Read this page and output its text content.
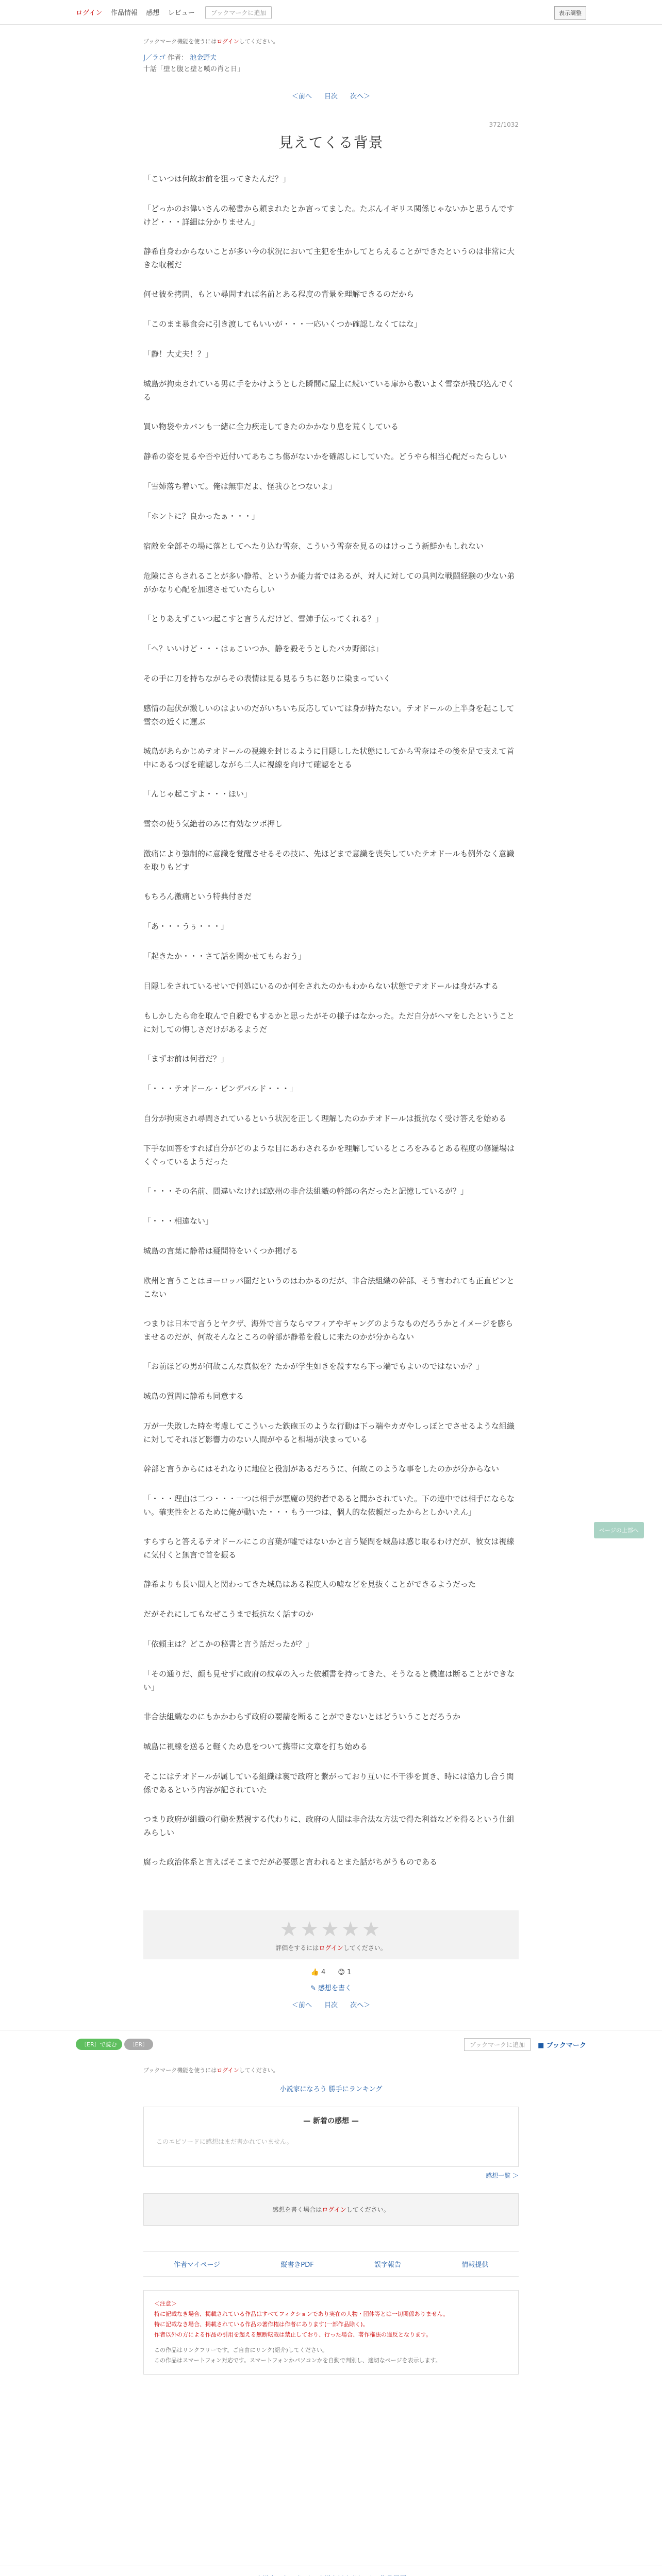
ログイン 作品情報 感想 レビュー	ブックマークに追加	表示調整
ブックマーク機能を使うにはログインしてください。
J／ラゴ 作者： 池金野夫
十話「壁と腹と壁と嘆の肖と日」
＜前へ 目次 次へ＞
372/1032
見えてくる背景

「こいつは何故お前を狙ってきたんだ？」

「どっかのお偉いさんの秘書から頼まれたとか言ってました。たぶんイギリス関係じゃないかと思うんですけど・・・詳細は分かりません」

静希自身わからないことが多い今の状況において主犯を生かしてとらえることができたというのは非常に大きな収穫だ

何せ彼を拷問、もとい尋問すれば名前とある程度の背景を理解できるのだから

「このまま暴食会に引き渡してもいいが・・・一応いくつか確認しなくてはな」

「静！大丈夫！？」

城島が拘束されている男に手をかけようとした瞬間に屋上に続いている扉から数いよく雪奈が飛び込んでくる

買い物袋やカバンも一緒に全力疾走してきたのかかなり息を荒くしている

静希の姿を見るや否や近付いてあちこち傷がないかを確認しにしていた。どうやら相当心配だったらしい

「雪姉落ち着いて。俺は無事だよ、怪我ひとつないよ」

「ホントに？良かったぁ・・・」

宿敵を全部その場に落としてへたり込む雪奈、こういう雪奈を見るのはけっこう新鮮かもしれない

危険にさらされることが多い静希、というか能力者ではあるが、対人に対しての具判な戦闘経験の少ない弟がかなり心配を加速させていたらしい

「とりあえずこいつ起こすと言うんだけど、雪姉手伝ってくれる？」

「ヘ？いいけど・・・はぁこいつか、静を殺そうとしたバカ野郎は」

その手に刀を持ちながらその表情は見る見るうちに怒りに染まっていく

感情の起伏が激しいのはよいのだがいちいち反応していては身が持たない。テオドールの上半身を起こして雪奈の近くに運ぶ

城島があらかじめテオドールの視線を封じるように目隠しした状態にしてから雪奈はその後を足で支えて首中にあるつぼを確認しながら二人に視線を向けて確認をとる

「んじゃ起こすよ・・・ほい」

雪奈の使う気絶者のみに有効なツボ押し

激痛により強制的に意識を覚醒させるその技に、先ほどまで意識を喪失していたテオドールも例外なく意識を取りもどす

もちろん激痛という特典付きだ

「あ・・・うぅ・・・」

「起きたか・・・さて話を聞かせてもらおう」

目隠しをされているせいで何処にいるのか何をされたのかもわからない状態でテオドールは身がみする

もしかしたら命を取んで自殺でもするかと思ったがその様子はなかった。ただ自分がヘマをしたということに対しての悔しさだけがあるようだ

「まずお前は何者だ？」

「・・・テオドール・ビンデバルド・・・」

自分が拘束され尋問されているという状況を正しく理解したのかテオドールは抵抗なく受け答えを始める

下手な回答をすれば自分がどのような目にあわされるかを理解しているところをみるとある程度の修羅場はくぐっているようだった

「・・・その名前、間違いなければ欧州の非合法組織の幹部の名だったと記憶しているが？」

「・・・相違ない」

城島の言葉に静希は疑問符をいくつか掲げる

欧州と言うことはヨーロッパ圏だというのはわかるのだが、非合法組織の幹部、そう言われても正直ピンとこない

つまりは日本で言うとヤクザ、海外で言うならマフィアやギャングのようなものだろうかとイメージを膨らませるのだが、何故そんなところの幹部が静希を殺しに来たのかが分からない

「お前ほどの男が何故こんな真似を？たかが学生如きを殺すなら下っ端でもよいのではないか？」

城島の質問に静希も同意する

万が一失敗した時を考慮してこういった鉄砲玉のような行動は下っ端やカガやしっぽとでさせるような組織に対してそれほど影響力のない人間がやると相場が決まっている

幹部と言うからにはそれなりに地位と役割があるだろうに、何故このような事をしたのかが分からない

「・・・理由は二つ・・・一つは相手が悪魔の契約者であると聞かされていた。下の連中では相手にならない。確実性をとるために俺が動いた・・・もう一つは、個人的な依頼だったからとしかいえん」

すらすらと答えるテオドールにこの言葉が嘘ではないかと言う疑問を城島は感じ取るわけだが、彼女は視線に気付くと無言で首を振る

静希よりも長い間人と関わってきた城島はある程度人の嘘などを見抜くことができるようだった

だがそれにしてもなぜこうまで抵抗なく話すのか

「依頼主は？どこかの秘書と言う話だったが？」

「その通りだ、顔も見せずに政府の紋章の入った依頼書を持ってきた、そうなると機違は断ることができない」

非合法組織なのにもかかわらず政府の要請を断ることができないとはどういうことだろうか

城島に視線を送ると軽くため息をついて携帯に文章を打ち始める

そこにはテオドールが属している組織は裏で政府と繋がっており互いに不干渉を貫き、時には協力し合う関係であるという内容が記されていた

つまり政府が組織の行動を黙視する代わりに、政府の人間は非合法な方法で得た利益などを得るという仕組みらしい

腐った政治体系と言えばそこまでだが必要悪と言われるとまた話がちがうものである

★★★★★
評価をするにはログインしてください。
👍 4 😊 1
✎ 感想を書く
＜前へ 目次 次へ＞
〔ER〕で読む	〔ER〕	ブックマークに追加	■ ブックマーク
ブックマーク機能を使うにはログインしてください。
小説家になろう 勝手にランキング
— 新着の感想 —
このエピソードに感想はまだ書かれていません。
感想一覧 ＞
感想を書く場合はログインしてください。
作者マイページ	縦書きPDF	誤字報告	情報提供
＜注意＞
特に記載なき場合、掲載されている作品はすべてフィクションであり実在の人物・団体等とは一切関係ありません。
特に記載なき場合、掲載されている作品の著作権は作者にあります(一部作品除く)。
作者以外の方による作品の引用を超える無断転載は禁止しており、行った場合、著作権法の違反となります。
この作品はリンクフリーです。ご自由にリンク(紹介)してください。
この作品はスマートフォン対応です。スマートフォンかパソコンかを自動で判別し、適切なページを表示します。
ページの上部へ
